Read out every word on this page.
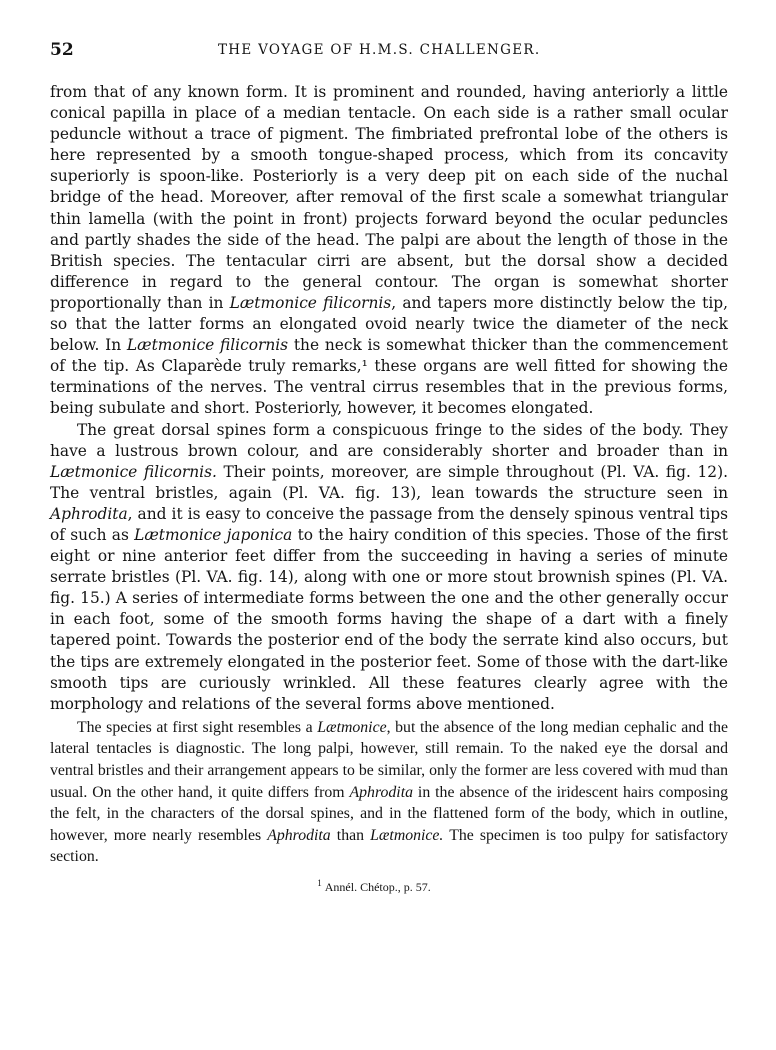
52	THE VOYAGE OF H.M.S. CHALLENGER.

from that of any known form. It is prominent and rounded, having anteriorly a little conical papilla in place of a median tentacle. On each side is a rather small ocular peduncle without a trace of pigment. The fimbriated prefrontal lobe of the others is here represented by a smooth tongue-shaped process, which from its concavity superiorly is spoon-like. Posteriorly is a very deep pit on each side of the nuchal bridge of the head. Moreover, after removal of the first scale a somewhat triangular thin lamella (with the point in front) projects forward beyond the ocular peduncles and partly shades the side of the head. The palpi are about the length of those in the British species. The tentacular cirri are absent, but the dorsal show a decided difference in regard to the general contour. The organ is somewhat shorter proportionally than in Lætmonice filicornis, and tapers more distinctly below the tip, so that the latter forms an elongated ovoid nearly twice the diameter of the neck below. In Lætmonice filicornis the neck is somewhat thicker than the commencement of the tip. As Claparède truly remarks,¹ these organs are well fitted for showing the terminations of the nerves. The ventral cirrus resembles that in the previous forms, being subulate and short. Posteriorly, however, it becomes elongated.

The great dorsal spines form a conspicuous fringe to the sides of the body. They have a lustrous brown colour, and are considerably shorter and broader than in Lætmonice filicornis. Their points, moreover, are simple throughout (Pl. VA. fig. 12). The ventral bristles, again (Pl. VA. fig. 13), lean towards the structure seen in Aphrodita, and it is easy to conceive the passage from the densely spinous ventral tips of such as Lætmonice japonica to the hairy condition of this species. Those of the first eight or nine anterior feet differ from the succeeding in having a series of minute serrate bristles (Pl. VA. fig. 14), along with one or more stout brownish spines (Pl. VA. fig. 15.) A series of intermediate forms between the one and the other generally occur in each foot, some of the smooth forms having the shape of a dart with a finely tapered point. Towards the posterior end of the body the serrate kind also occurs, but the tips are extremely elongated in the posterior feet. Some of those with the dart-like smooth tips are curiously wrinkled. All these features clearly agree with the morphology and relations of the several forms above mentioned.

The species at first sight resembles a Lætmonice, but the absence of the long median cephalic and the lateral tentacles is diagnostic. The long palpi, however, still remain. To the naked eye the dorsal and ventral bristles and their arrangement appears to be similar, only the former are less covered with mud than usual. On the other hand, it quite differs from Aphrodita in the absence of the iridescent hairs composing the felt, in the characters of the dorsal spines, and in the flattened form of the body, which in outline, however, more nearly resembles Aphrodita than Lætmonice. The specimen is too pulpy for satisfactory section.

$^1$ Annél. Chétop., p. 57.
